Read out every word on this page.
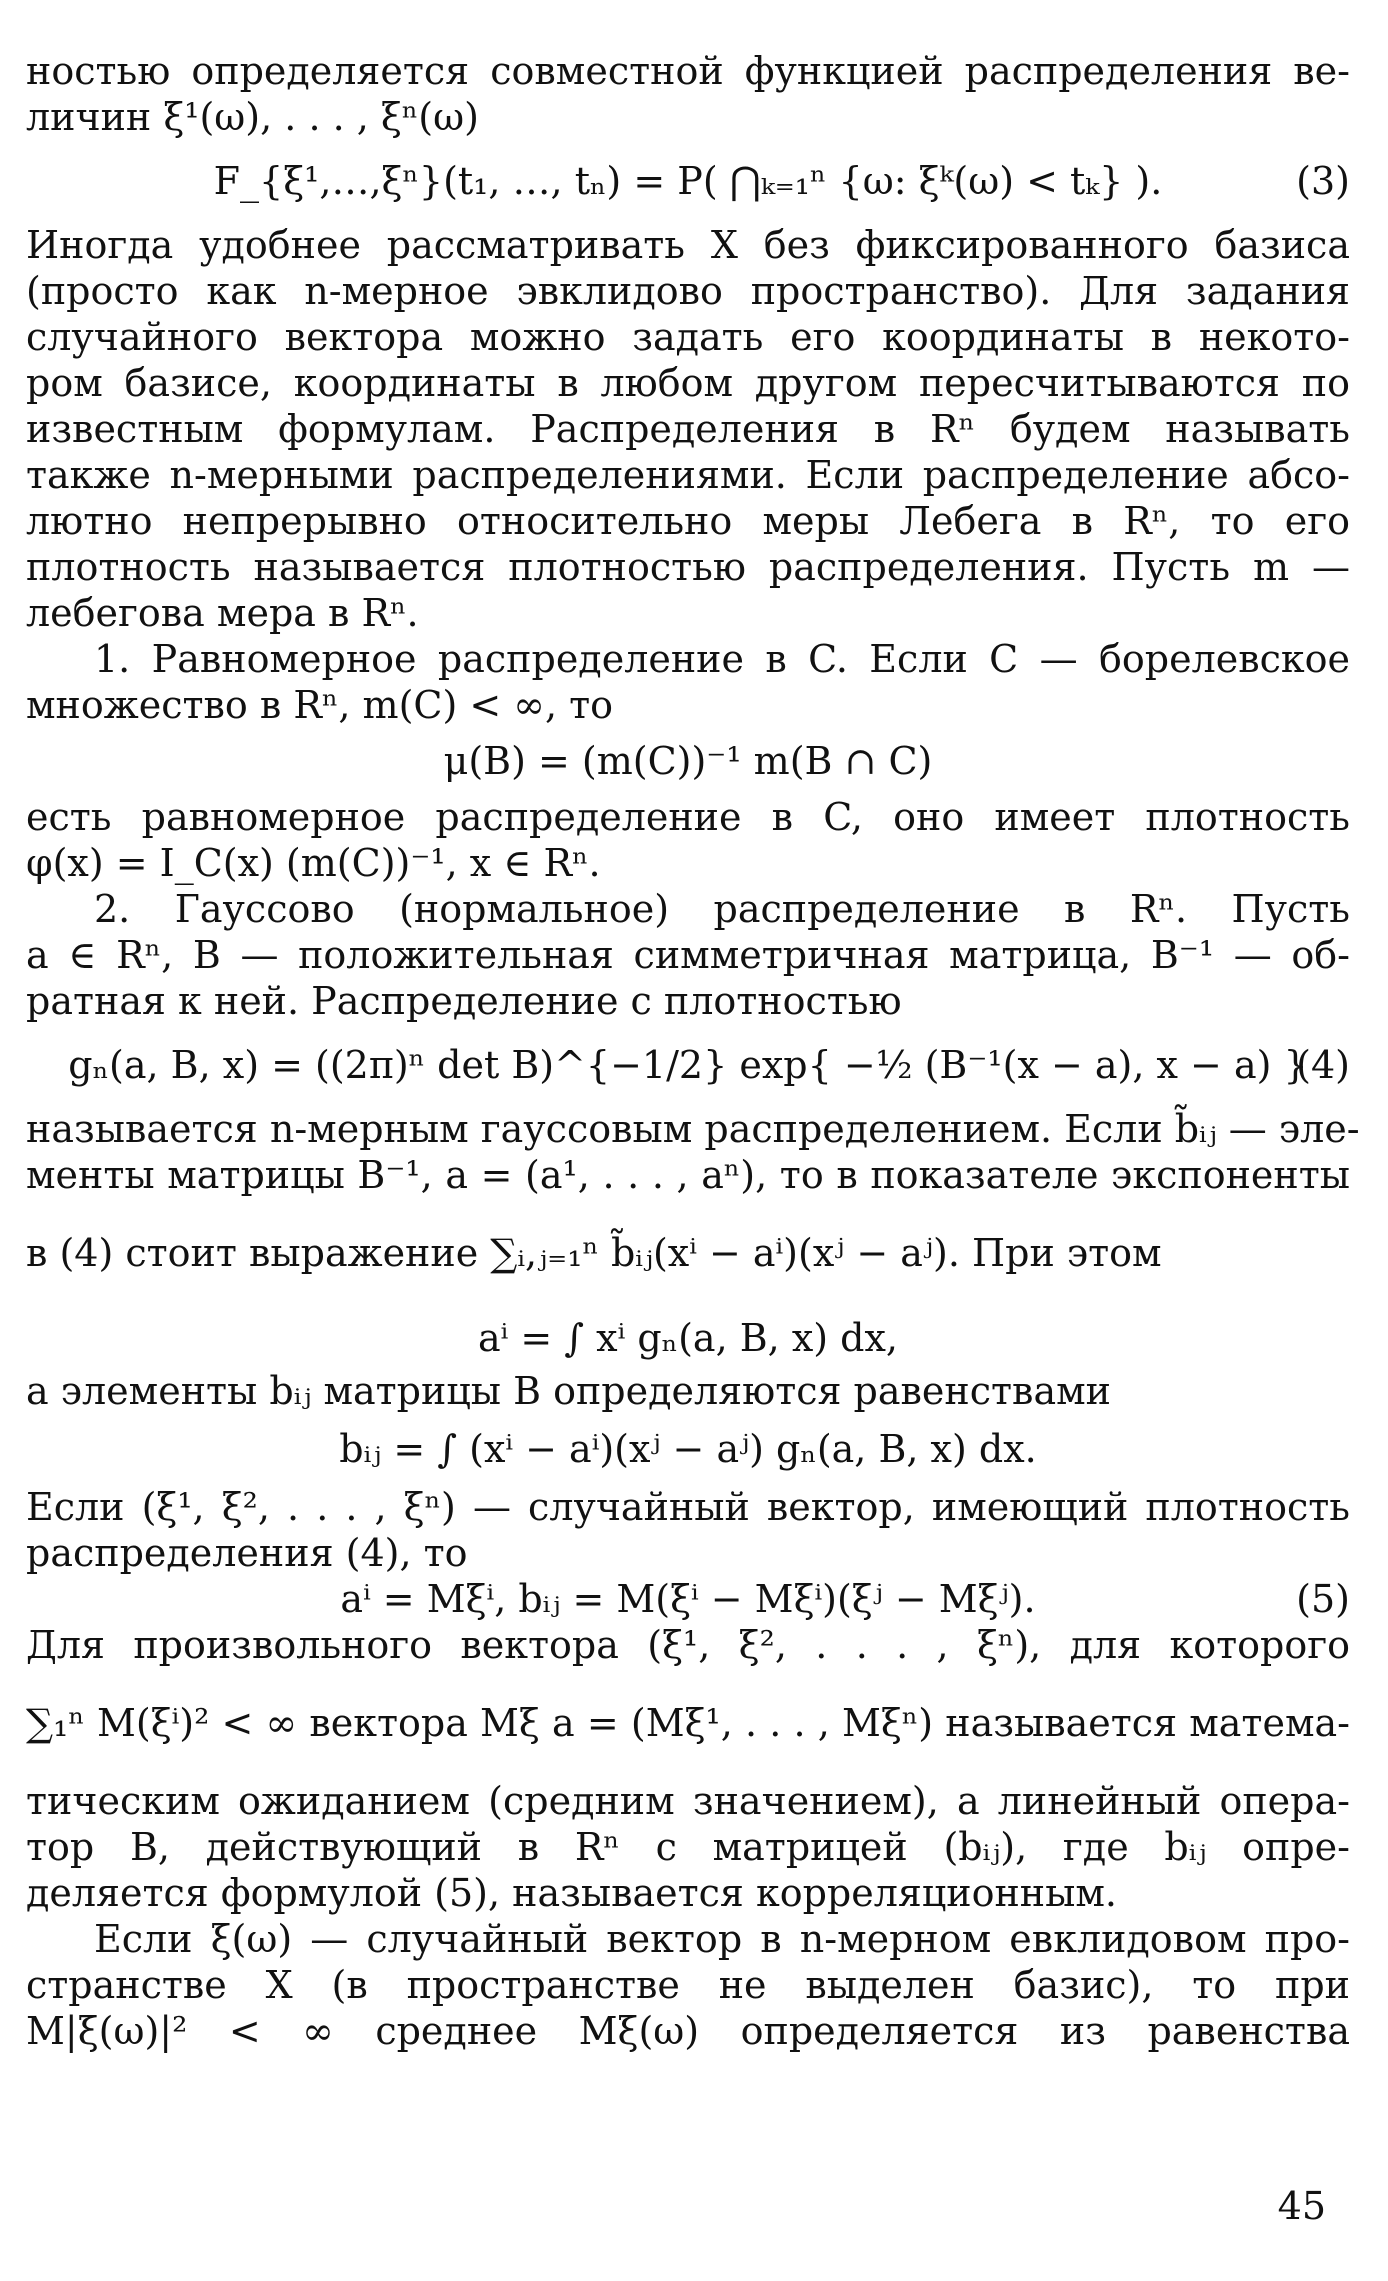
ностью определяется совместной функцией распределения ве-
личин ξ¹(ω), . . . , ξⁿ(ω)
F_{ξ¹,…,ξⁿ}(t₁, …, tₙ) = P( ⋂ₖ₌₁ⁿ {ω: ξᵏ(ω) < tₖ} ).	(3)
Иногда удобнее рассматривать X без фиксированного базиса
(просто как n-мерное эвклидово пространство). Для задания
случайного вектора можно задать его координаты в некото-
ром базисе, координаты в любом другом пересчитываются по
известным формулам. Распределения в Rⁿ будем называть
также n-мерными распределениями. Если распределение абсо-
лютно непрерывно относительно меры Лебега в Rⁿ, то его
плотность называется плотностью распределения. Пусть m —
лебегова мера в Rⁿ.
1. Равномерное распределение в C. Если C — борелевское
множество в Rⁿ, m(C) < ∞, то
μ(B) = (m(C))⁻¹ m(B ∩ C)
есть равномерное распределение в C, оно имеет плотность
φ(x) = I_C(x) (m(C))⁻¹, x ∈ Rⁿ.
2. Гауссово (нормальное) распределение в Rⁿ. Пусть
a ∈ Rⁿ, B — положительная симметричная матрица, B⁻¹ — об-
ратная к ней. Распределение с плотностью
gₙ(a, B, x) = ((2π)ⁿ det B)^{−1/2} exp{ −½ (B⁻¹(x − a), x − a) }
(4)
называется n-мерным гауссовым распределением. Если b̃ᵢⱼ — эле-
менты матрицы B⁻¹, a = (a¹, . . . , aⁿ), то в показателе экспоненты
в (4) стоит выражение ∑ᵢ,ⱼ₌₁ⁿ b̃ᵢⱼ(xⁱ − aⁱ)(xʲ − aʲ). При этом
aⁱ = ∫ xⁱ gₙ(a, B, x) dx,
а элементы bᵢⱼ матрицы B определяются равенствами
bᵢⱼ = ∫ (xⁱ − aⁱ)(xʲ − aʲ) gₙ(a, B, x) dx.
Если (ξ¹, ξ², . . . , ξⁿ) — случайный вектор, имеющий плотность
распределения (4), то
aⁱ = Mξⁱ, bᵢⱼ = M(ξⁱ − Mξⁱ)(ξʲ − Mξʲ).	(5)
Для произвольного вектора (ξ¹, ξ², . . . , ξⁿ), для которого
∑₁ⁿ M(ξⁱ)² < ∞ вектора Mξ a = (Mξ¹, . . . , Mξⁿ) называется матема-
тическим ожиданием (средним значением), а линейный опера-
тор B, действующий в Rⁿ с матрицей (bᵢⱼ), где bᵢⱼ опре-
деляется формулой (5), называется корреляционным.
Если ξ(ω) — случайный вектор в n-мерном евклидовом про-
странстве X (в пространстве не выделен базис), то при
M|ξ(ω)|² < ∞ среднее Mξ(ω) определяется из равенства
45
